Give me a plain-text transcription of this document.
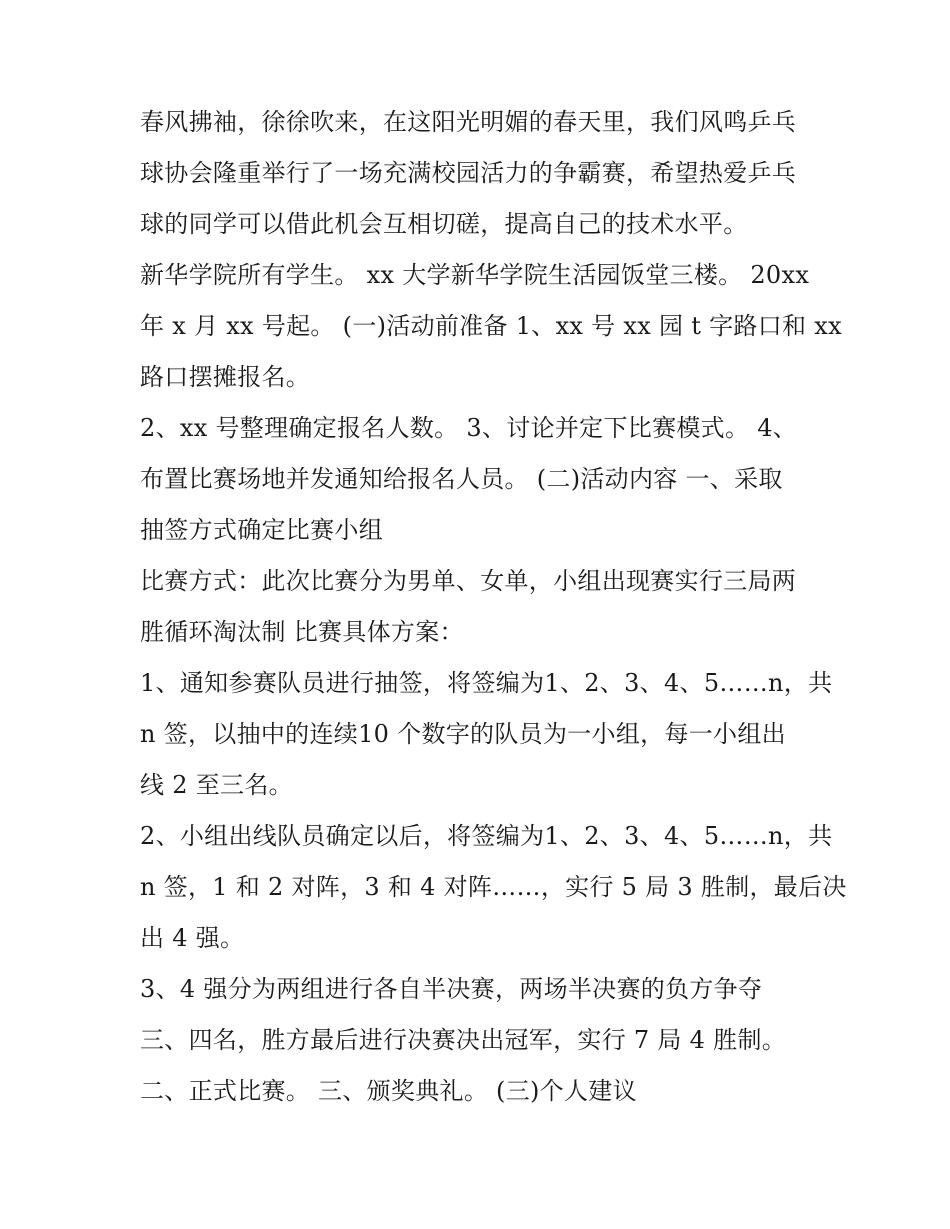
春风拂袖，徐徐吹来，在这阳光明媚的春天里，我们风鸣乒乓
球协会隆重举行了一场充满校园活力的争霸赛，希望热爱乒乓
球的同学可以借此机会互相切磋，提高自己的技术水平。
新华学院所有学生。 xx 大学新华学院生活园饭堂三楼。 20xx
年 x 月 xx 号起。 (一)活动前准备 1、xx 号 xx 园 t 字路口和 xx
路口摆摊报名。
2、xx 号整理确定报名人数。 3、讨论并定下比赛模式。 4、
布置比赛场地并发通知给报名人员。 (二)活动内容 一、采取
抽签方式确定比赛小组
比赛方式：此次比赛分为男单、女单，小组出现赛实行三局两
胜循环淘汰制 比赛具体方案：
1、通知参赛队员进行抽签，将签编为1、2、3、4、5……n，共
n 签，以抽中的连续10 个数字的队员为一小组，每一小组出
线 2 至三名。
2、小组出线队员确定以后，将签编为1、2、3、4、5……n，共
n 签，1 和 2 对阵，3 和 4 对阵……，实行 5 局 3 胜制，最后决
出 4 强。
3、4 强分为两组进行各自半决赛，两场半决赛的负方争夺
三、四名，胜方最后进行决赛决出冠军，实行 7 局 4 胜制。
二、正式比赛。 三、颁奖典礼。 (三)个人建议
